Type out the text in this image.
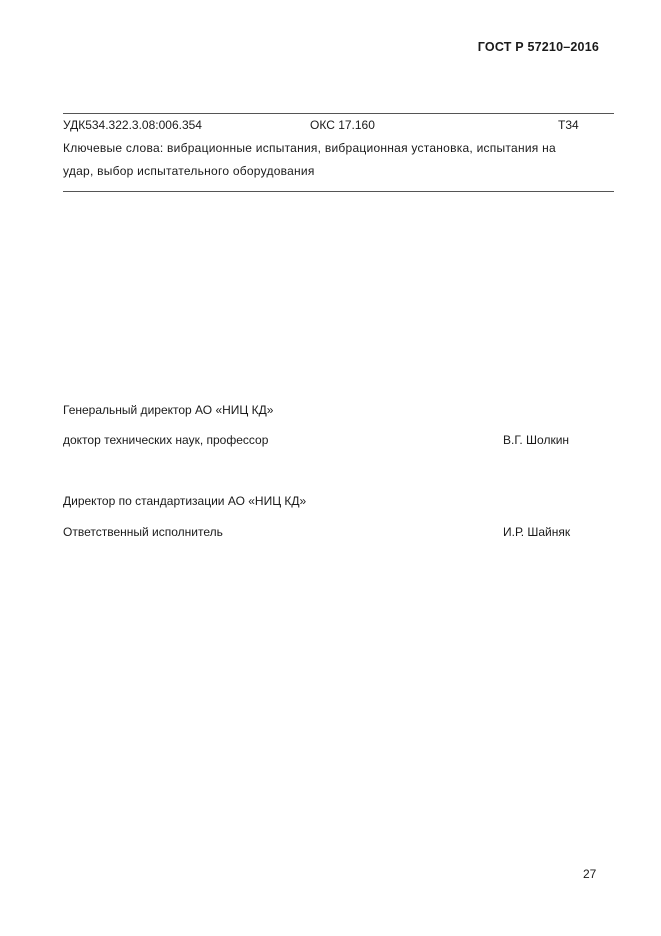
ГОСТ Р 57210–2016
УДК534.322.3.08:006.354	ОКС 17.160	Т34
Ключевые слова: вибрационные испытания, вибрационная установка, испытания на
удар, выбор испытательного оборудования
Генеральный директор АО «НИЦ КД»
доктор технических наук, профессор	В.Г. Шолкин
Директор по стандартизации АО «НИЦ КД»
Ответственный исполнитель	И.Р. Шайняк
27
